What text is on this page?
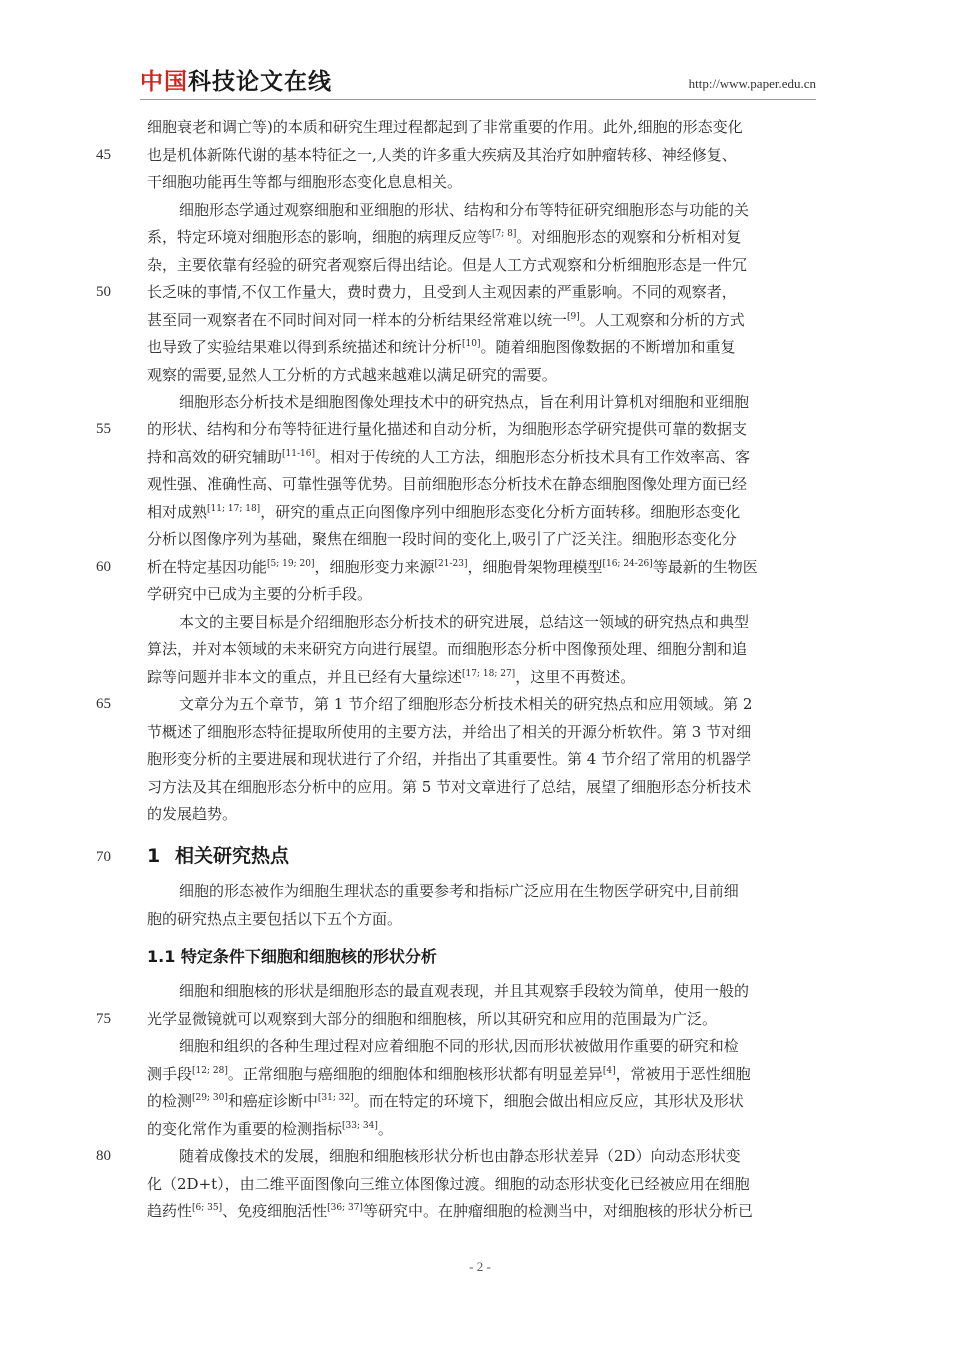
中国科技论文在线	http://www.paper.edu.cn
45
50
55
60
65
70
75
80
细胞衰老和调亡等)的本质和研究生理过程都起到了非常重要的作用。此外,细胞的形态变化
也是机体新陈代谢的基本特征之一,人类的许多重大疾病及其治疗如肿瘤转移、神经修复、
干细胞功能再生等都与细胞形态变化息息相关。
细胞形态学通过观察细胞和亚细胞的形状、结构和分布等特征研究细胞形态与功能的关
系，特定环境对细胞形态的影响，细胞的病理反应等[7; 8]。对细胞形态的观察和分析相对复
杂，主要依靠有经验的研究者观察后得出结论。但是人工方式观察和分析细胞形态是一件冗
长乏味的事情,不仅工作量大，费时费力，且受到人主观因素的严重影响。不同的观察者，
甚至同一观察者在不同时间对同一样本的分析结果经常难以统一[9]。人工观察和分析的方式
也导致了实验结果难以得到系统描述和统计分析[10]。随着细胞图像数据的不断增加和重复
观察的需要,显然人工分析的方式越来越难以满足研究的需要。
细胞形态分析技术是细胞图像处理技术中的研究热点，旨在利用计算机对细胞和亚细胞
的形状、结构和分布等特征进行量化描述和自动分析，为细胞形态学研究提供可靠的数据支
持和高效的研究辅助[11-16]。相对于传统的人工方法，细胞形态分析技术具有工作效率高、客
观性强、准确性高、可靠性强等优势。目前细胞形态分析技术在静态细胞图像处理方面已经
相对成熟[11; 17; 18]，研究的重点正向图像序列中细胞形态变化分析方面转移。细胞形态变化
分析以图像序列为基础，聚焦在细胞一段时间的变化上,吸引了广泛关注。细胞形态变化分
析在特定基因功能[5; 19; 20]，细胞形变力来源[21-23]，细胞骨架物理模型[16; 24-26]等最新的生物医
学研究中已成为主要的分析手段。
本文的主要目标是介绍细胞形态分析技术的研究进展，总结这一领域的研究热点和典型
算法，并对本领域的未来研究方向进行展望。而细胞形态分析中图像预处理、细胞分割和追
踪等问题并非本文的重点，并且已经有大量综述[17; 18; 27]，这里不再赘述。
文章分为五个章节，第 1 节介绍了细胞形态分析技术相关的研究热点和应用领域。第 2
节概述了细胞形态特征提取所使用的主要方法，并给出了相关的开源分析软件。第 3 节对细
胞形变分析的主要进展和现状进行了介绍，并指出了其重要性。第 4 节介绍了常用的机器学
习方法及其在细胞形态分析中的应用。第 5 节对文章进行了总结，展望了细胞形态分析技术
的发展趋势。
1 相关研究热点
细胞的形态被作为细胞生理状态的重要参考和指标广泛应用在生物医学研究中,目前细
胞的研究热点主要包括以下五个方面。
1.1 特定条件下细胞和细胞核的形状分析
细胞和细胞核的形状是细胞形态的最直观表现，并且其观察手段较为简单，使用一般的
光学显微镜就可以观察到大部分的细胞和细胞核，所以其研究和应用的范围最为广泛。
细胞和组织的各种生理过程对应着细胞不同的形状,因而形状被做用作重要的研究和检
测手段[12; 28]。正常细胞与癌细胞的细胞体和细胞核形状都有明显差异[4]，常被用于恶性细胞
的检测[29; 30]和癌症诊断中[31; 32]。而在特定的环境下，细胞会做出相应反应，其形状及形状
的变化常作为重要的检测指标[33; 34]。
随着成像技术的发展，细胞和细胞核形状分析也由静态形状差异（2D）向动态形状变
化（2D+t），由二维平面图像向三维立体图像过渡。细胞的动态形状变化已经被应用在细胞
趋药性[6; 35]、免疫细胞活性[36; 37]等研究中。在肿瘤细胞的检测当中，对细胞核的形状分析已
- 2 -
